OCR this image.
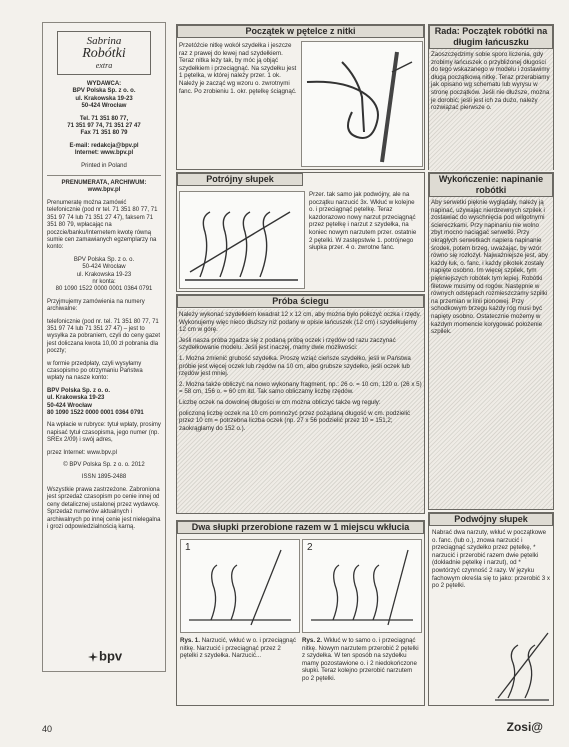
Sabrina
Robótki
extra
WYDAWCA:
BPV Polska Sp. z o. o.
ul. Krakowska 19-23
50-424 Wrocław
Tel. 71 351 80 77,
71 351 97 74, 71 351 27 47
Fax 71 351 80 79
E-mail: redakcja@bpv.pl
Internet: www.bpv.pl
Printed in Poland
PRENUMERATA, ARCHIWUM:
www.bpv.pl
Prenumeratę można zamówić telefonicznie (pod nr tel. 71 351 80 77, 71 351 97 74 lub 71 351 27 47), faksem 71 351 80 79, wpłacając na poczcie/banku/Internetem kwotę równą sumie cen zamawianych egzemplarzy na konto:
BPV Polska Sp. z o. o.
50-424 Wrocław
ul. Krakowska 19-23
nr konta:
80 1090 1522 0000 0001 0364 0791
Przyjmujemy zamówienia na numery archiwalne:
telefonicznie (pod nr. tel. 71 351 80 77, 71 351 97 74 lub 71 351 27 47) – jest to wysyłka za pobraniem, czyli do ceny gazet jest doliczana kwota 10,00 zł pobrania dla poczty;
w formie przedpłaty, czyli wysyłamy czasopismo po otrzymaniu Państwa wpłaty na nasze konto:
BPV Polska Sp. z o. o.
ul. Krakowska 19-23
50-424 Wrocław
80 1090 1522 0000 0001 0364 0791
Na wpłacie w rubryce: tytuł wpłaty, prosimy napisać tytuł czasopisma, jego numer (np. SREx 2/09) i swój adres,
przez Internet: www.bpv.pl
© BPV Polska Sp. z o. o. 2012
ISSN 1895-2488
Wszystkie prawa zastrzeżone. Zabroniona jest sprzedaż czasopism po cenie innej od ceny detalicznej ustalonej przez wydawcę. Sprzedaż numerów aktualnych i archiwalnych po innej cenie jest nielegalna i grozi odpowiedzialnością karną.
bpv
Początek w pętelce z nitki
Przetóżcie nitkę wokół szydełka i jeszcze raz z prawej do lewej nad szydełkiem. Teraz nitka leży tak, by móc ją objąć szydełkiem i przeciągnąć. Na szydełku jest 1 pętelka, w której należy przer. 1 ok. Należy je zacząć wg wzoru o. zwrotnymi fanc. Po zrobieniu 1. okr. pętelkę ściągnąć.
Rada: Początek robótki na długim łańcuszku
Zaoszczędzimy sobie sporo liczenia, gdy zrobimy łańcuszek o przybliżonej długości do tego wskazanego w modelu i zostawimy długą początkową nitkę. Teraz przerabiamy jak opisano wg schematu lub wyrysu w stronę początków. Jeśli nie dłuższe, można je dorobić; jeśli jest ich za dużo, należy rozwiązać pierwsze o.
Potrójny słupek
Przer. tak samo jak podwójny, ale na początku narzucić 3x. Wkłuć w kolejne o. i przeciągnąć pętelkę. Teraz kazdorazowo nowy narzut przeciągnąć przez pętelkę i narzut z szydełka, na koniec nowym narzutem przer. ostatnie 2 pętelki. W zastępstwie 1. potrójnego słupka przer. 4 o. zwrotne fanc.
Wykończenie: napinanie robótki
Aby serwetki pięknie wyglądały, należy ją napinać, używając nierdzewnych szpilek i zostawiać do wyschnięcia pod wilgotnymi ściereczkami. Przy napinaniu nie wolno zbyt mocno naciągać serwetki. Przy okrągłych serwetkach napiera napinanie środek, potem brzeg, uważając, by wzór równo się rozłożył. Najważniejsze jest, aby każdy łuk, o. fanc. i każdy pikotek zostały napięte osobno. Im więcej szpilek, tym piękniejszych robótek tym lepiej. Robótki filetowe musimy od rogów. Następnie w równych odstępach rozmieszczamy szpilki na przemian w linii pionowej. Przy schodkowym brzegu każdy róg musi być napięty osobno. Ostatecznie możemy w każdym momencie korygować położenie szpilek.
Próba ściegu

Należy wykonać szydełkiem kwadrat 12 x 12 cm, aby można było policzyć oczka i rzędy. Wykonujemy więc nieco dłuższy niż podany w opisie łańcuszek (12 cm) i szydełkujemy 12 cm w górę.

Jeśli nasza próba zgadza się z podaną próbą oczek i rzędów od razu zaczynać szydełkowanie modelu. Jeśli jest inaczej, mamy dwie możliwości:

1. Można zmienić grubość szydełka. Proszę wziąć cieńsze szydełko, jeśli w Państwa próbie jest więcej oczek lub rzędów na 10 cm, albo grubsze szydełko, jeśli oczek lub rzędów jest mniej.

2. Można także obliczyć na nowo wykonany fragment, np.: 26 o. = 10 cm, 120 o. (26 x 5) = 58 cm, 156 o. = 60 cm itd. Tak samo obliczamy liczbę rzędów.

Liczbę oczek na dowolnej długości w cm można obliczyć także wg reguły:

policzoną liczbę oczek na 10 cm pomnożyć przez pożądaną długość w cm. podzielić przez 10 cm = potrzebna liczba oczek (np. 27 x 56 podzielić przez 10 = 151,2; zaokrąglamy do 152 o.).

Podwójny słupek
Nabrać dwa narzuty, wkłuć w początkowe o. fanc. (lub o.), znowa narzucić i przeciągnąć szydełko przez pętelkę, * narzucić i przerobić razem dwie pętelki (dokładnie pętelkę i narzut), od * powtórzyć czynność 2 razy. W języku fachowym określa się to jako: przerobić 3 x po 2 pętelki.
Dwa słupki przerobione razem w 1 miejscu wkłucia
1	2
Rys. 1. Narzucić, wkłuć w o. i przeciągnąć nitkę. Narzucić i przeciągnąć przez 2 pętelki z szydełka. Narzucić...
Rys. 2. Wkłuć w to samo o. i przeciągnąć nitkę. Nowym narzutem przerobić 2 pętelki z szydełka. W ten sposób na szydełku mamy pozostawione o. i 2 niedokończone słupki. Teraz kolejno przerobić narzutem po 2 pętelki.
40	Zosi@
